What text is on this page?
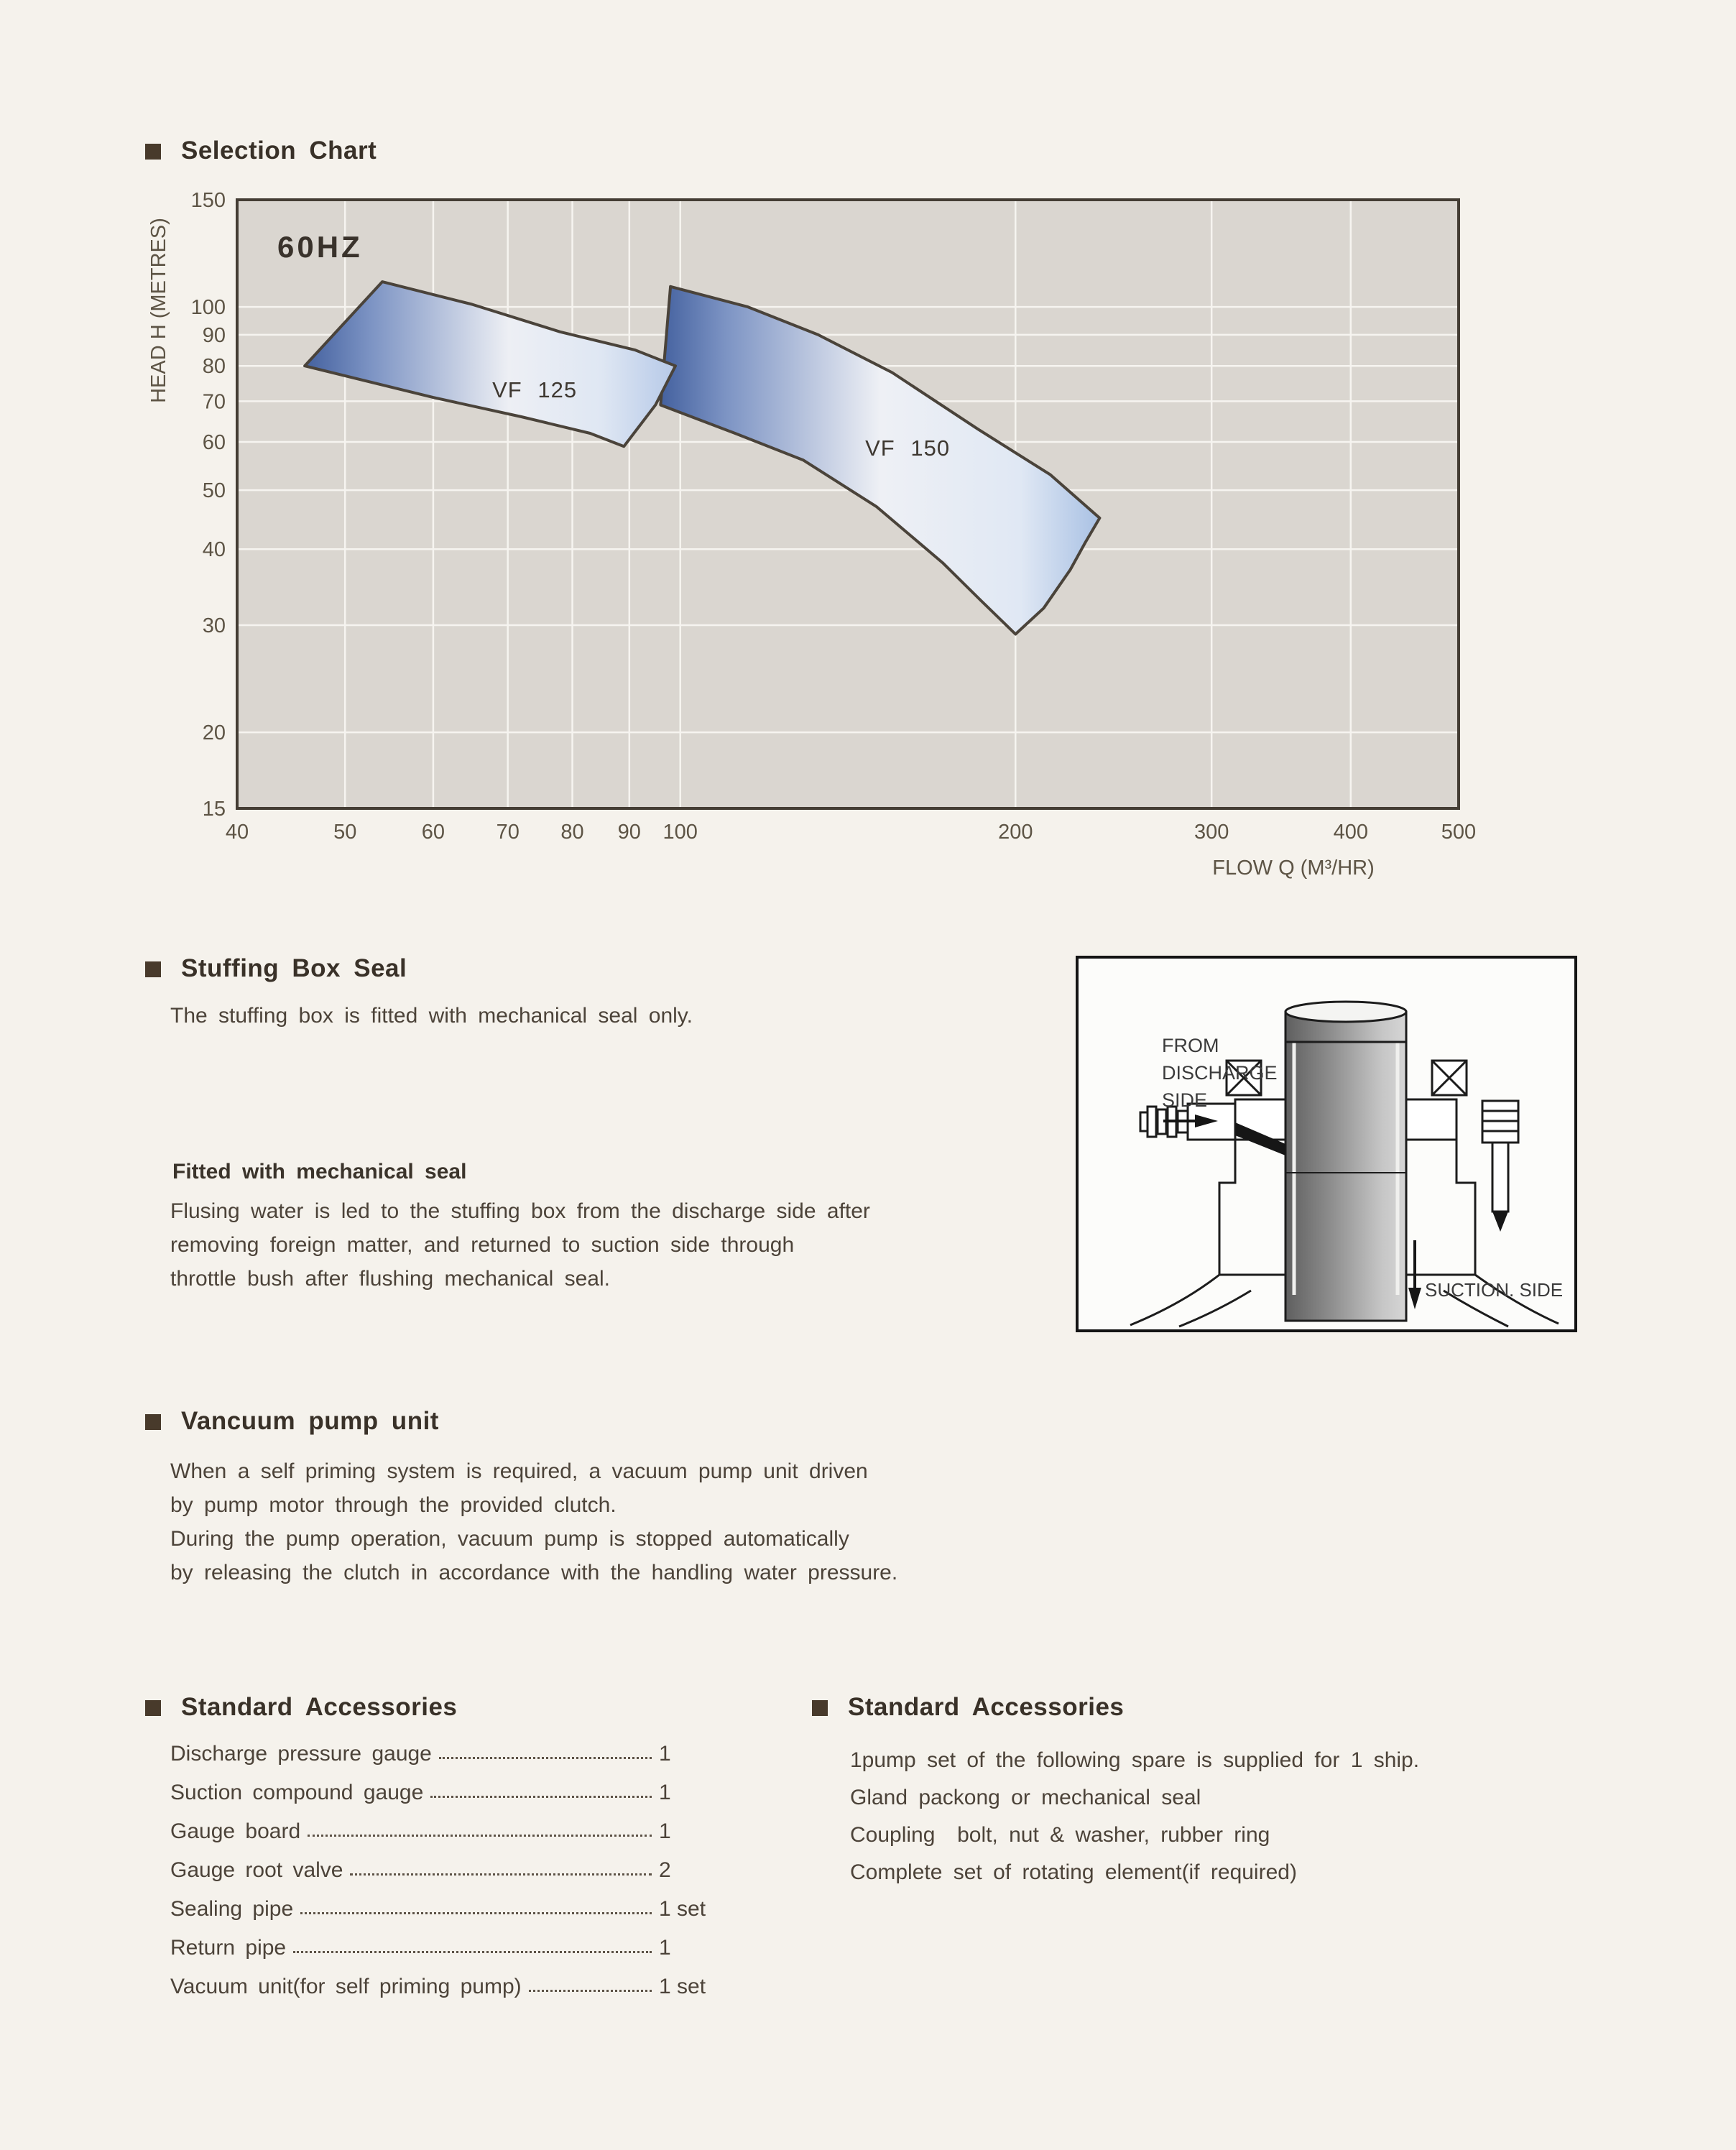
Selection Chart
VF 125
VF 150
60HZ
150
100
90
80
70
60
50
40
30
20
15
40	50	60 70 80 90 100	200	300	400	500
FLOW Q (M³/HR)
HEAD H (METRES)
Stuffing Box Seal
The stuffing box is fitted with mechanical seal only.
Fitted with mechanical seal
Flusing water is led to the stuffing box from the discharge side after
removing foreign matter, and returned to suction side through
throttle bush after flushing mechanical seal.
FROM
DISCHARGE
SIDE
SUCTION. SIDE
Vancuum pump unit
When a self priming system is required, a vacuum pump unit driven
by pump motor through the provided clutch.
During the pump operation, vacuum pump is stopped automatically
by releasing the clutch in accordance with the handling water pressure.
Standard Accessories
Discharge pressure gauge	1
Suction compound gauge	1
Gauge board	1
Gauge root valve	2
Sealing pipe	1 set
Return pipe	1
Vacuum unit(for self priming pump)	1 set
Standard Accessories
1pump set of the following spare is supplied for 1 ship.
Gland packong or mechanical seal
Coupling  bolt, nut & washer, rubber ring
Complete set of rotating element(if required)
